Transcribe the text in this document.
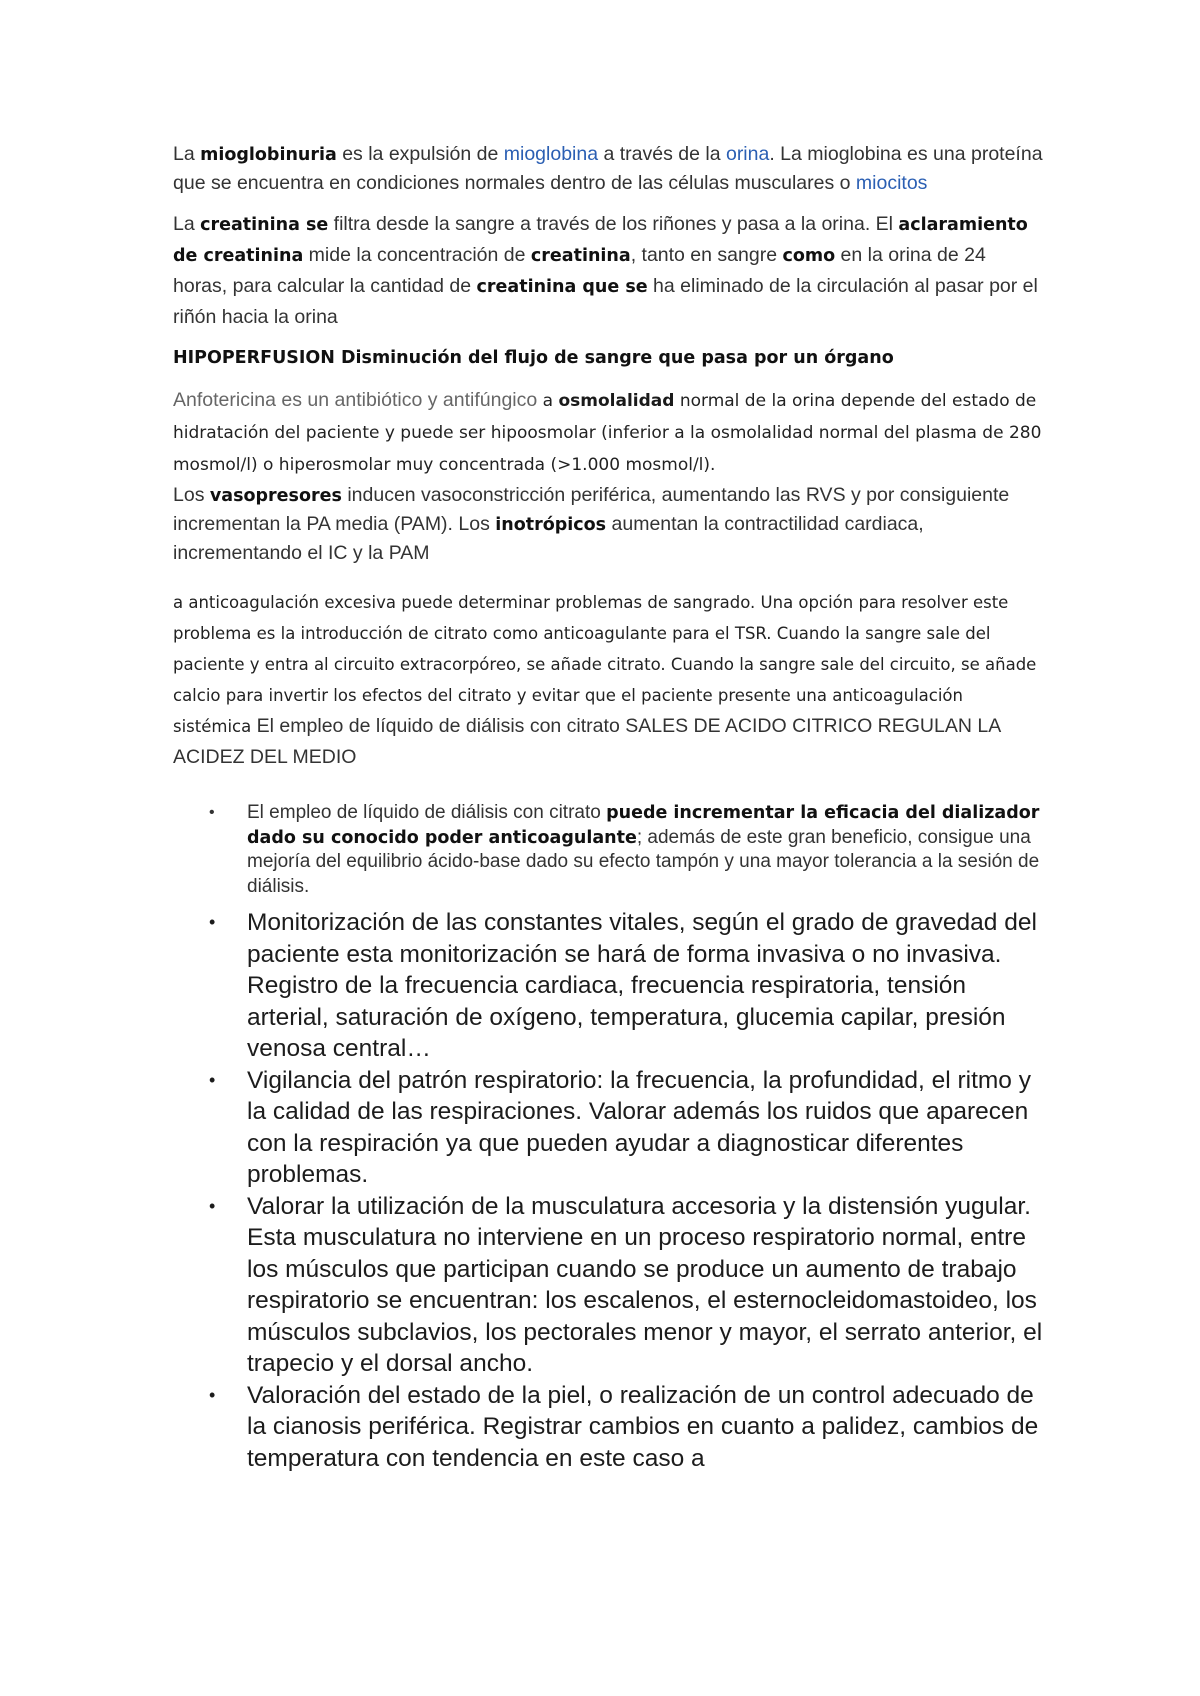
La mioglobinuria es la expulsión de mioglobina a través de la orina. La mioglobina es una proteína que se encuentra en condiciones normales dentro de las células musculares o miocitos

La creatinina se filtra desde la sangre a través de los riñones y pasa a la orina. El aclaramiento de creatinina mide la concentración de creatinina, tanto en sangre como en la orina de 24 horas, para calcular la cantidad de creatinina que se ha eliminado de la circulación al pasar por el riñón hacia la orina

HIPOPERFUSION Disminución del flujo de sangre que pasa por un órgano

Anfotericina es un antibiótico y antifúngico a osmolalidad normal de la orina depende del estado de hidratación del paciente y puede ser hipoosmolar (inferior a la osmolalidad normal del plasma de 280 mosmol/l) o hiperosmolar muy concentrada (>1.000 mosmol/l).

Los vasopresores inducen vasoconstricción periférica, aumentando las RVS y por consiguiente incrementan la PA media (PAM). Los inotrópicos aumentan la contractilidad cardiaca, incrementando el IC y la PAM

a anticoagulación excesiva puede determinar problemas de sangrado. Una opción para resolver este problema es la introducción de citrato como anticoagulante para el TSR. Cuando la sangre sale del paciente y entra al circuito extracorpóreo, se añade citrato. Cuando la sangre sale del circuito, se añade calcio para invertir los efectos del citrato y evitar que el paciente presente una anticoagulación sistémica El empleo de líquido de diálisis con citrato SALES DE ACIDO CITRICO REGULAN LA ACIDEZ DEL MEDIO

• El empleo de líquido de diálisis con citrato puede incrementar la eficacia del dializador dado su conocido poder anticoagulante; además de este gran beneficio, consigue una mejoría del equilibrio ácido-base dado su efecto tampón y una mayor tolerancia a la sesión de diálisis.
• Monitorización de las constantes vitales, según el grado de gravedad del paciente esta monitorización se hará de forma invasiva o no invasiva. Registro de la frecuencia cardiaca, frecuencia respiratoria, tensión arterial, saturación de oxígeno, temperatura, glucemia capilar, presión venosa central…
• Vigilancia del patrón respiratorio: la frecuencia, la profundidad, el ritmo y la calidad de las respiraciones. Valorar además los ruidos que aparecen con la respiración ya que pueden ayudar a diagnosticar diferentes problemas.
• Valorar la utilización de la musculatura accesoria y la distensión yugular. Esta musculatura no interviene en un proceso respiratorio normal, entre los músculos que participan cuando se produce un aumento de trabajo respiratorio se encuentran: los escalenos, el esternocleidomastoideo, los músculos subclavios, los pectorales menor y mayor, el serrato anterior, el trapecio y el dorsal ancho.
• Valoración del estado de la piel, o realización de un control adecuado de la cianosis periférica. Registrar cambios en cuanto a palidez, cambios de temperatura con tendencia en este caso a
